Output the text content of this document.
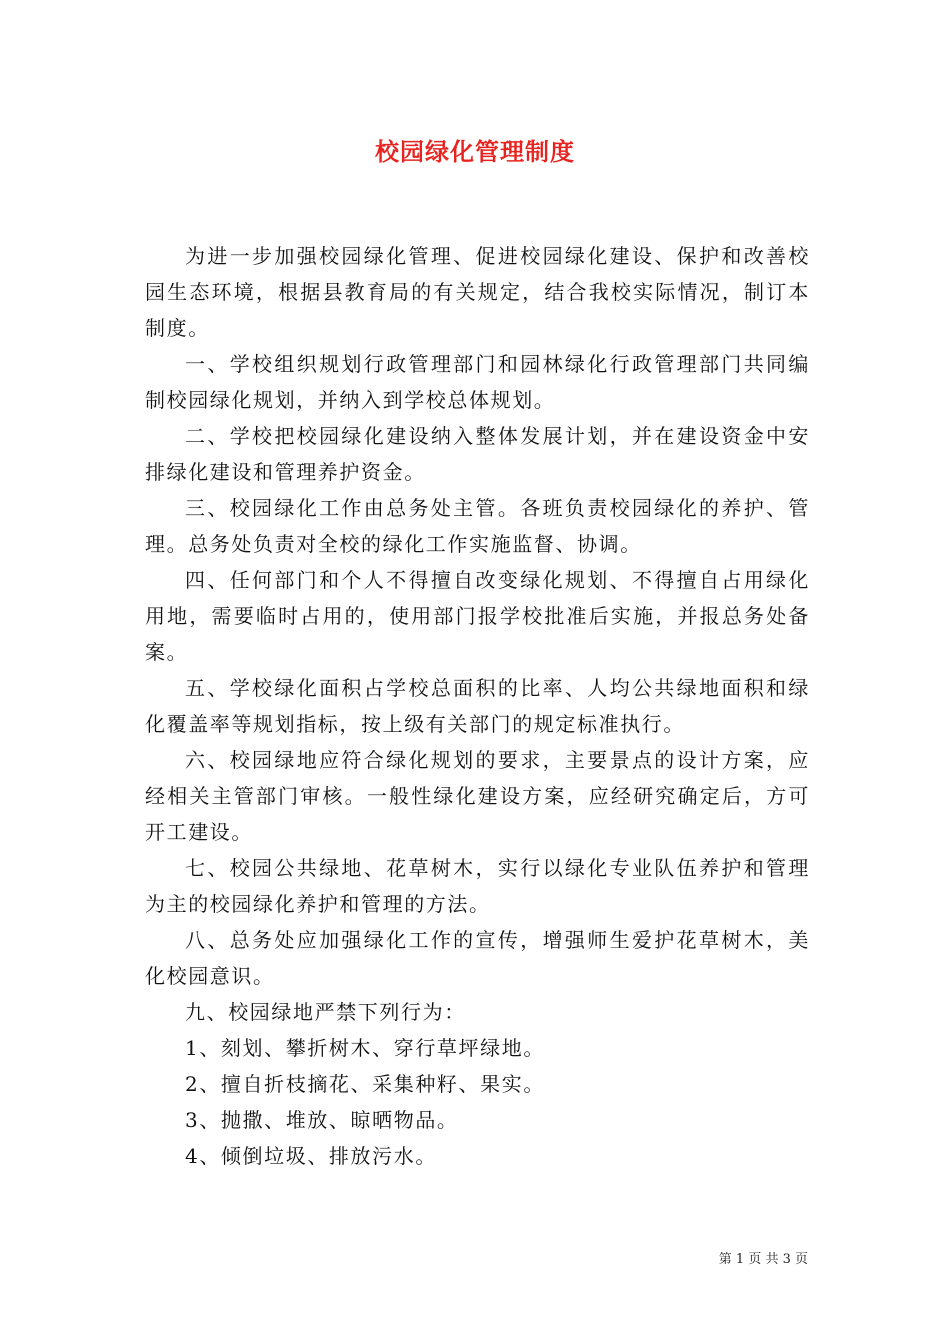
校园绿化管理制度

为进一步加强校园绿化管理、促进校园绿化建设、保护和改善校园生态环境，根据县教育局的有关规定，结合我校实际情况，制订本制度。

一、学校组织规划行政管理部门和园林绿化行政管理部门共同编制校园绿化规划，并纳入到学校总体规划。

二、学校把校园绿化建设纳入整体发展计划，并在建设资金中安排绿化建设和管理养护资金。

三、校园绿化工作由总务处主管。各班负责校园绿化的养护、管理。总务处负责对全校的绿化工作实施监督、协调。

四、任何部门和个人不得擅自改变绿化规划、不得擅自占用绿化用地，需要临时占用的，使用部门报学校批准后实施，并报总务处备案。

五、学校绿化面积占学校总面积的比率、人均公共绿地面积和绿化覆盖率等规划指标，按上级有关部门的规定标准执行。

六、校园绿地应符合绿化规划的要求，主要景点的设计方案，应经相关主管部门审核。一般性绿化建设方案，应经研究确定后，方可开工建设。

七、校园公共绿地、花草树木，实行以绿化专业队伍养护和管理为主的校园绿化养护和管理的方法。

八、总务处应加强绿化工作的宣传，增强师生爱护花草树木，美化校园意识。

九、校园绿地严禁下列行为：

1、刻划、攀折树木、穿行草坪绿地。

2、擅自折枝摘花、采集种籽、果实。

3、抛撒、堆放、晾晒物品。

4、倾倒垃圾、排放污水。

第 1 页 共 3 页
